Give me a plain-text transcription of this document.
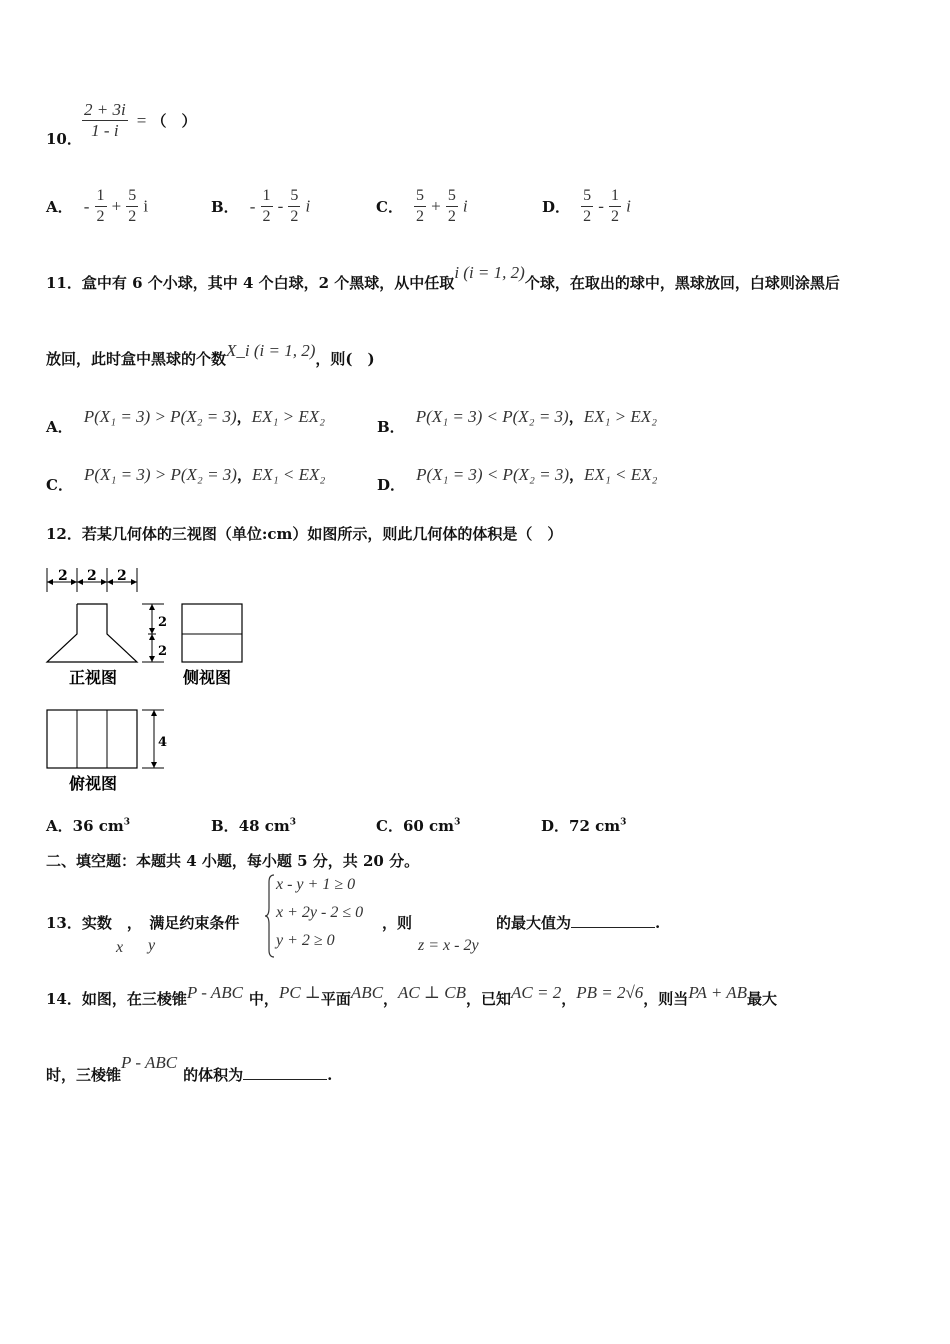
10． $\frac{2 + 3i}{1 - i}$ = （　）
A． - $\frac{1}{2} + \frac{5}{2}$ i	B． - $\frac{1}{2} - \frac{5}{2}$ i	C． $\frac{5}{2} + \frac{5}{2}$ i	D． $\frac{5}{2} - \frac{1}{2}$ i
11．盒中有 6 个小球，其中 4 个白球，2 个黑球，从中任取i (i = 1, 2)个球，在取出的球中，黑球放回，白球则涂黑后
放回，此时盒中黑球的个数X_i (i = 1, 2)，则(　)
A． P(X₁ = 3) > P(X₂ = 3)，EX₁ > EX₂
B． P(X₁ = 3) < P(X₂ = 3)，EX₁ > EX₂
C． P(X₁ = 3) > P(X₂ = 3)，EX₁ < EX₂
D． P(X₁ = 3) < P(X₂ = 3)，EX₁ < EX₂
12．若某几何体的三视图（单位:cm）如图所示，则此几何体的体积是（　）
2 2 2
2
2
正视图	侧视图
4
俯视图
A．36 $cm^3$	B．48 $cm^3$	C．60 $cm^3$	D．72 $cm^3$
二、填空题：本题共 4 小题，每小题 5 分，共 20 分。
13．实数　，　满足约束条件
x y
x - y + 1 ≥ 0
x + 2y - 2 ≤ 0
y + 2 ≥ 0
，则
z = x - 2y
的最大值为	.
14．如图，在三棱锥P - ABC 中，PC ⊥平面ABC，AC ⊥ CB，已知AC = 2，PB = 2√6，则当PA + AB最大
时，三棱锥P - ABC的体积为	.
